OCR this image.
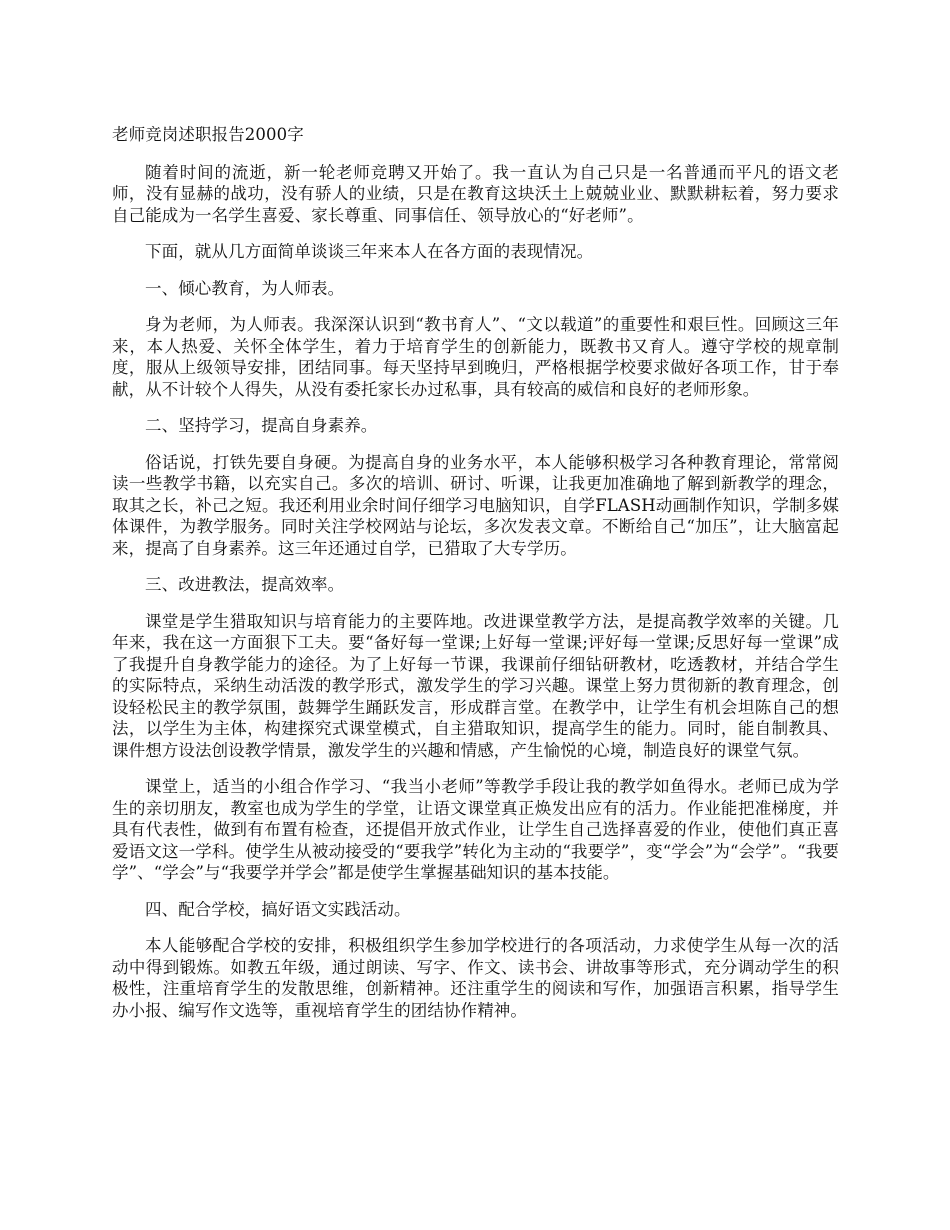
老师竞岗述职报告2000字

随着时间的流逝，新一轮老师竞聘又开始了。我一直认为自己只是一名普通而平凡的语文老师，没有显赫的战功，没有骄人的业绩，只是在教育这块沃土上兢兢业业、默默耕耘着，努力要求自己能成为一名学生喜爱、家长尊重、同事信任、领导放心的“好老师”。

下面，就从几方面简单谈谈三年来本人在各方面的表现情况。

一、倾心教育，为人师表。

身为老师，为人师表。我深深认识到“教书育人”、“文以载道”的重要性和艰巨性。回顾这三年来，本人热爱、关怀全体学生，着力于培育学生的创新能力，既教书又育人。遵守学校的规章制度，服从上级领导安排，团结同事。每天坚持早到晚归，严格根据学校要求做好各项工作，甘于奉献，从不计较个人得失，从没有委托家长办过私事，具有较高的威信和良好的老师形象。

二、坚持学习，提高自身素养。

俗话说，打铁先要自身硬。为提高自身的业务水平，本人能够积极学习各种教育理论，常常阅读一些教学书籍，以充实自己。多次的培训、研讨、听课，让我更加准确地了解到新教学的理念，取其之长，补己之短。我还利用业余时间仔细学习电脑知识，自学FLASH动画制作知识，学制多媒体课件，为教学服务。同时关注学校网站与论坛，多次发表文章。不断给自己“加压”，让大脑富起来，提高了自身素养。这三年还通过自学，已猎取了大专学历。

三、改进教法，提高效率。

课堂是学生猎取知识与培育能力的主要阵地。改进课堂教学方法，是提高教学效率的关键。几年来，我在这一方面狠下工夫。要“备好每一堂课;上好每一堂课;评好每一堂课;反思好每一堂课”成了我提升自身教学能力的途径。为了上好每一节课，我课前仔细钻研教材，吃透教材，并结合学生的实际特点，采纳生动活泼的教学形式，激发学生的学习兴趣。课堂上努力贯彻新的教育理念，创设轻松民主的教学氛围，鼓舞学生踊跃发言，形成群言堂。在教学中，让学生有机会坦陈自己的想法，以学生为主体，构建探究式课堂模式，自主猎取知识，提高学生的能力。同时，能自制教具、课件想方设法创设教学情景，激发学生的兴趣和情感，产生愉悦的心境，制造良好的课堂气氛。

课堂上，适当的小组合作学习、“我当小老师”等教学手段让我的教学如鱼得水。老师已成为学生的亲切朋友，教室也成为学生的学堂，让语文课堂真正焕发出应有的活力。作业能把准梯度，并具有代表性，做到有布置有检查，还提倡开放式作业，让学生自己选择喜爱的作业，使他们真正喜爱语文这一学科。使学生从被动接受的“要我学”转化为主动的“我要学”，变“学会”为“会学”。“我要学”、“学会”与“我要学并学会”都是使学生掌握基础知识的基本技能。

四、配合学校，搞好语文实践活动。

本人能够配合学校的安排，积极组织学生参加学校进行的各项活动，力求使学生从每一次的活动中得到锻炼。如教五年级，通过朗读、写字、作文、读书会、讲故事等形式，充分调动学生的积极性，注重培育学生的发散思维，创新精神。还注重学生的阅读和写作，加强语言积累，指导学生办小报、编写作文选等，重视培育学生的团结协作精神。
